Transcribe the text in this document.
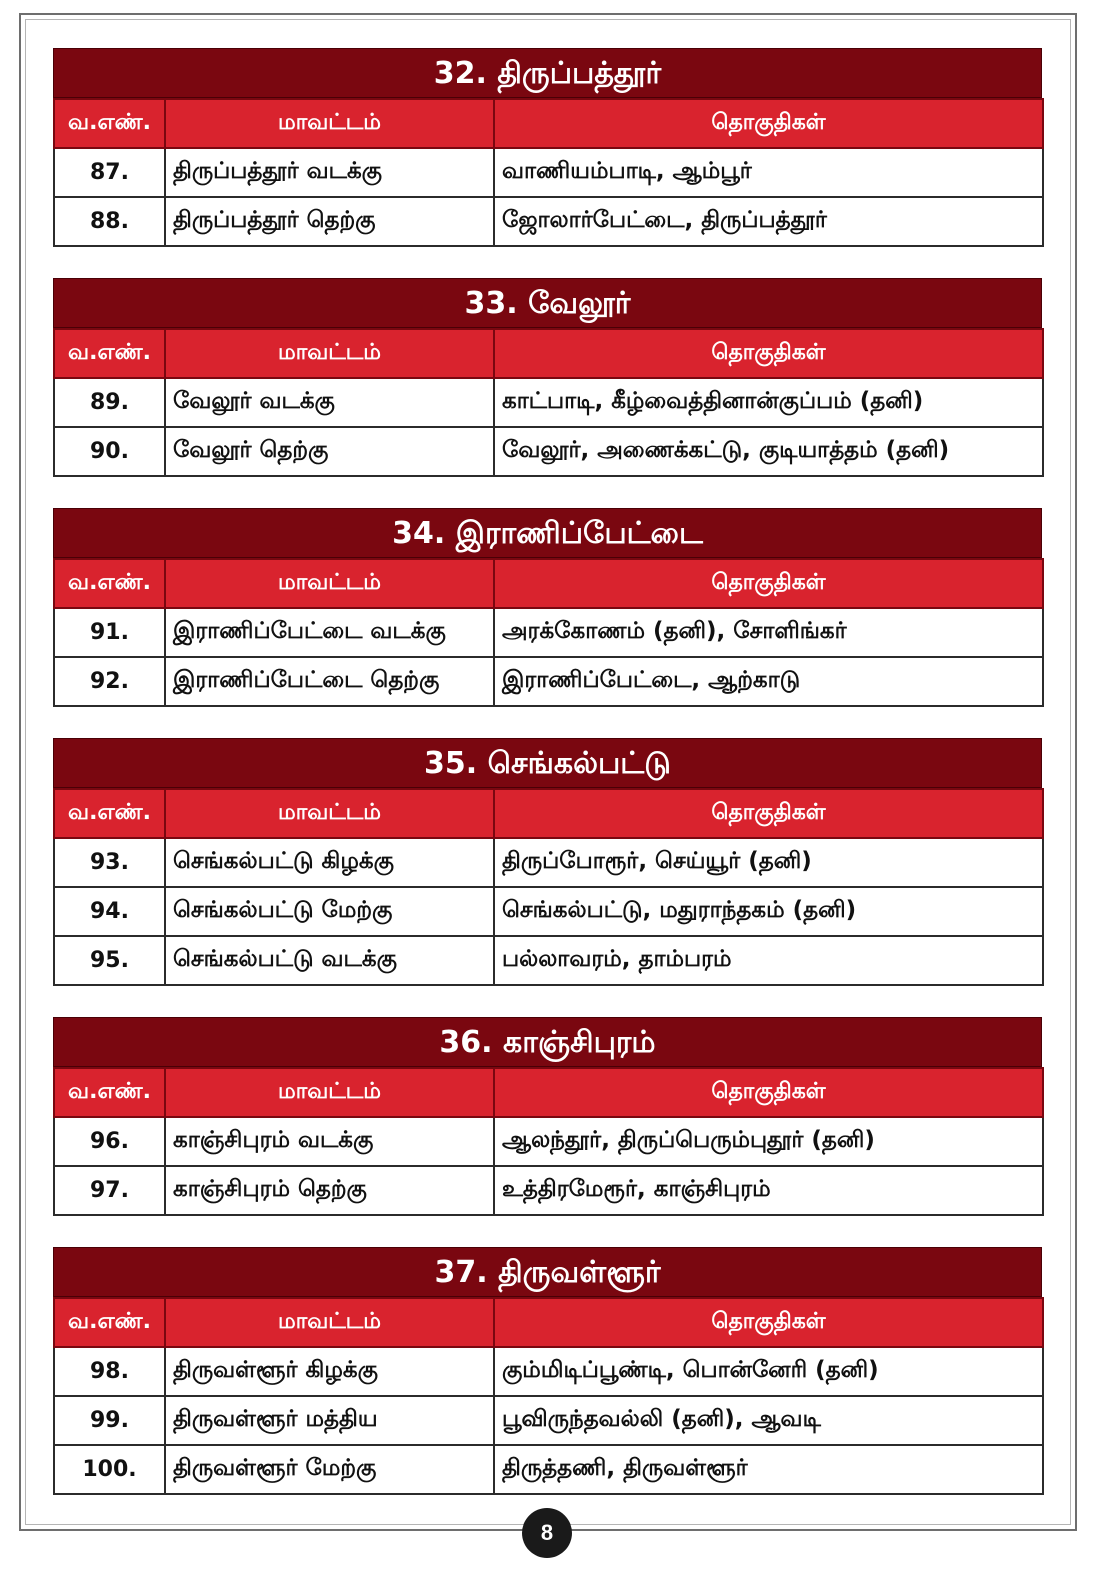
32. திருப்பத்தூர்
வ.எண்.	மாவட்டம்	தொகுதிகள்
87.	திருப்பத்தூர் வடக்கு	வாணியம்பாடி, ஆம்பூர்
88.	திருப்பத்தூர் தெற்கு	ஜோலார்பேட்டை, திருப்பத்தூர்
33. வேலூர்
வ.எண்.	மாவட்டம்	தொகுதிகள்
89.	வேலூர் வடக்கு	காட்பாடி, கீழ்வைத்தினான்குப்பம் (தனி)
90.	வேலூர் தெற்கு	வேலூர், அணைக்கட்டு, குடியாத்தம் (தனி)
34. இராணிப்பேட்டை
வ.எண்.	மாவட்டம்	தொகுதிகள்
91.	இராணிப்பேட்டை வடக்கு	அரக்கோணம் (தனி), சோளிங்கர்
92.	இராணிப்பேட்டை தெற்கு	இராணிப்பேட்டை, ஆற்காடு
35. செங்கல்பட்டு
வ.எண்.	மாவட்டம்	தொகுதிகள்
93.	செங்கல்பட்டு கிழக்கு	திருப்போரூர், செய்யூர் (தனி)
94.	செங்கல்பட்டு மேற்கு	செங்கல்பட்டு, மதுராந்தகம் (தனி)
95.	செங்கல்பட்டு வடக்கு	பல்லாவரம், தாம்பரம்
36. காஞ்சிபுரம்
வ.எண்.	மாவட்டம்	தொகுதிகள்
96.	காஞ்சிபுரம் வடக்கு	ஆலந்தூர், திருப்பெரும்புதூர் (தனி)
97.	காஞ்சிபுரம் தெற்கு	உத்திரமேரூர், காஞ்சிபுரம்
37. திருவள்ளூர்
வ.எண்.	மாவட்டம்	தொகுதிகள்
98.	திருவள்ளூர் கிழக்கு	கும்மிடிப்பூண்டி, பொன்னேரி (தனி)
99.	திருவள்ளூர் மத்திய	பூவிருந்தவல்லி (தனி), ஆவடி
100.	திருவள்ளூர் மேற்கு	திருத்தணி, திருவள்ளூர்
8
